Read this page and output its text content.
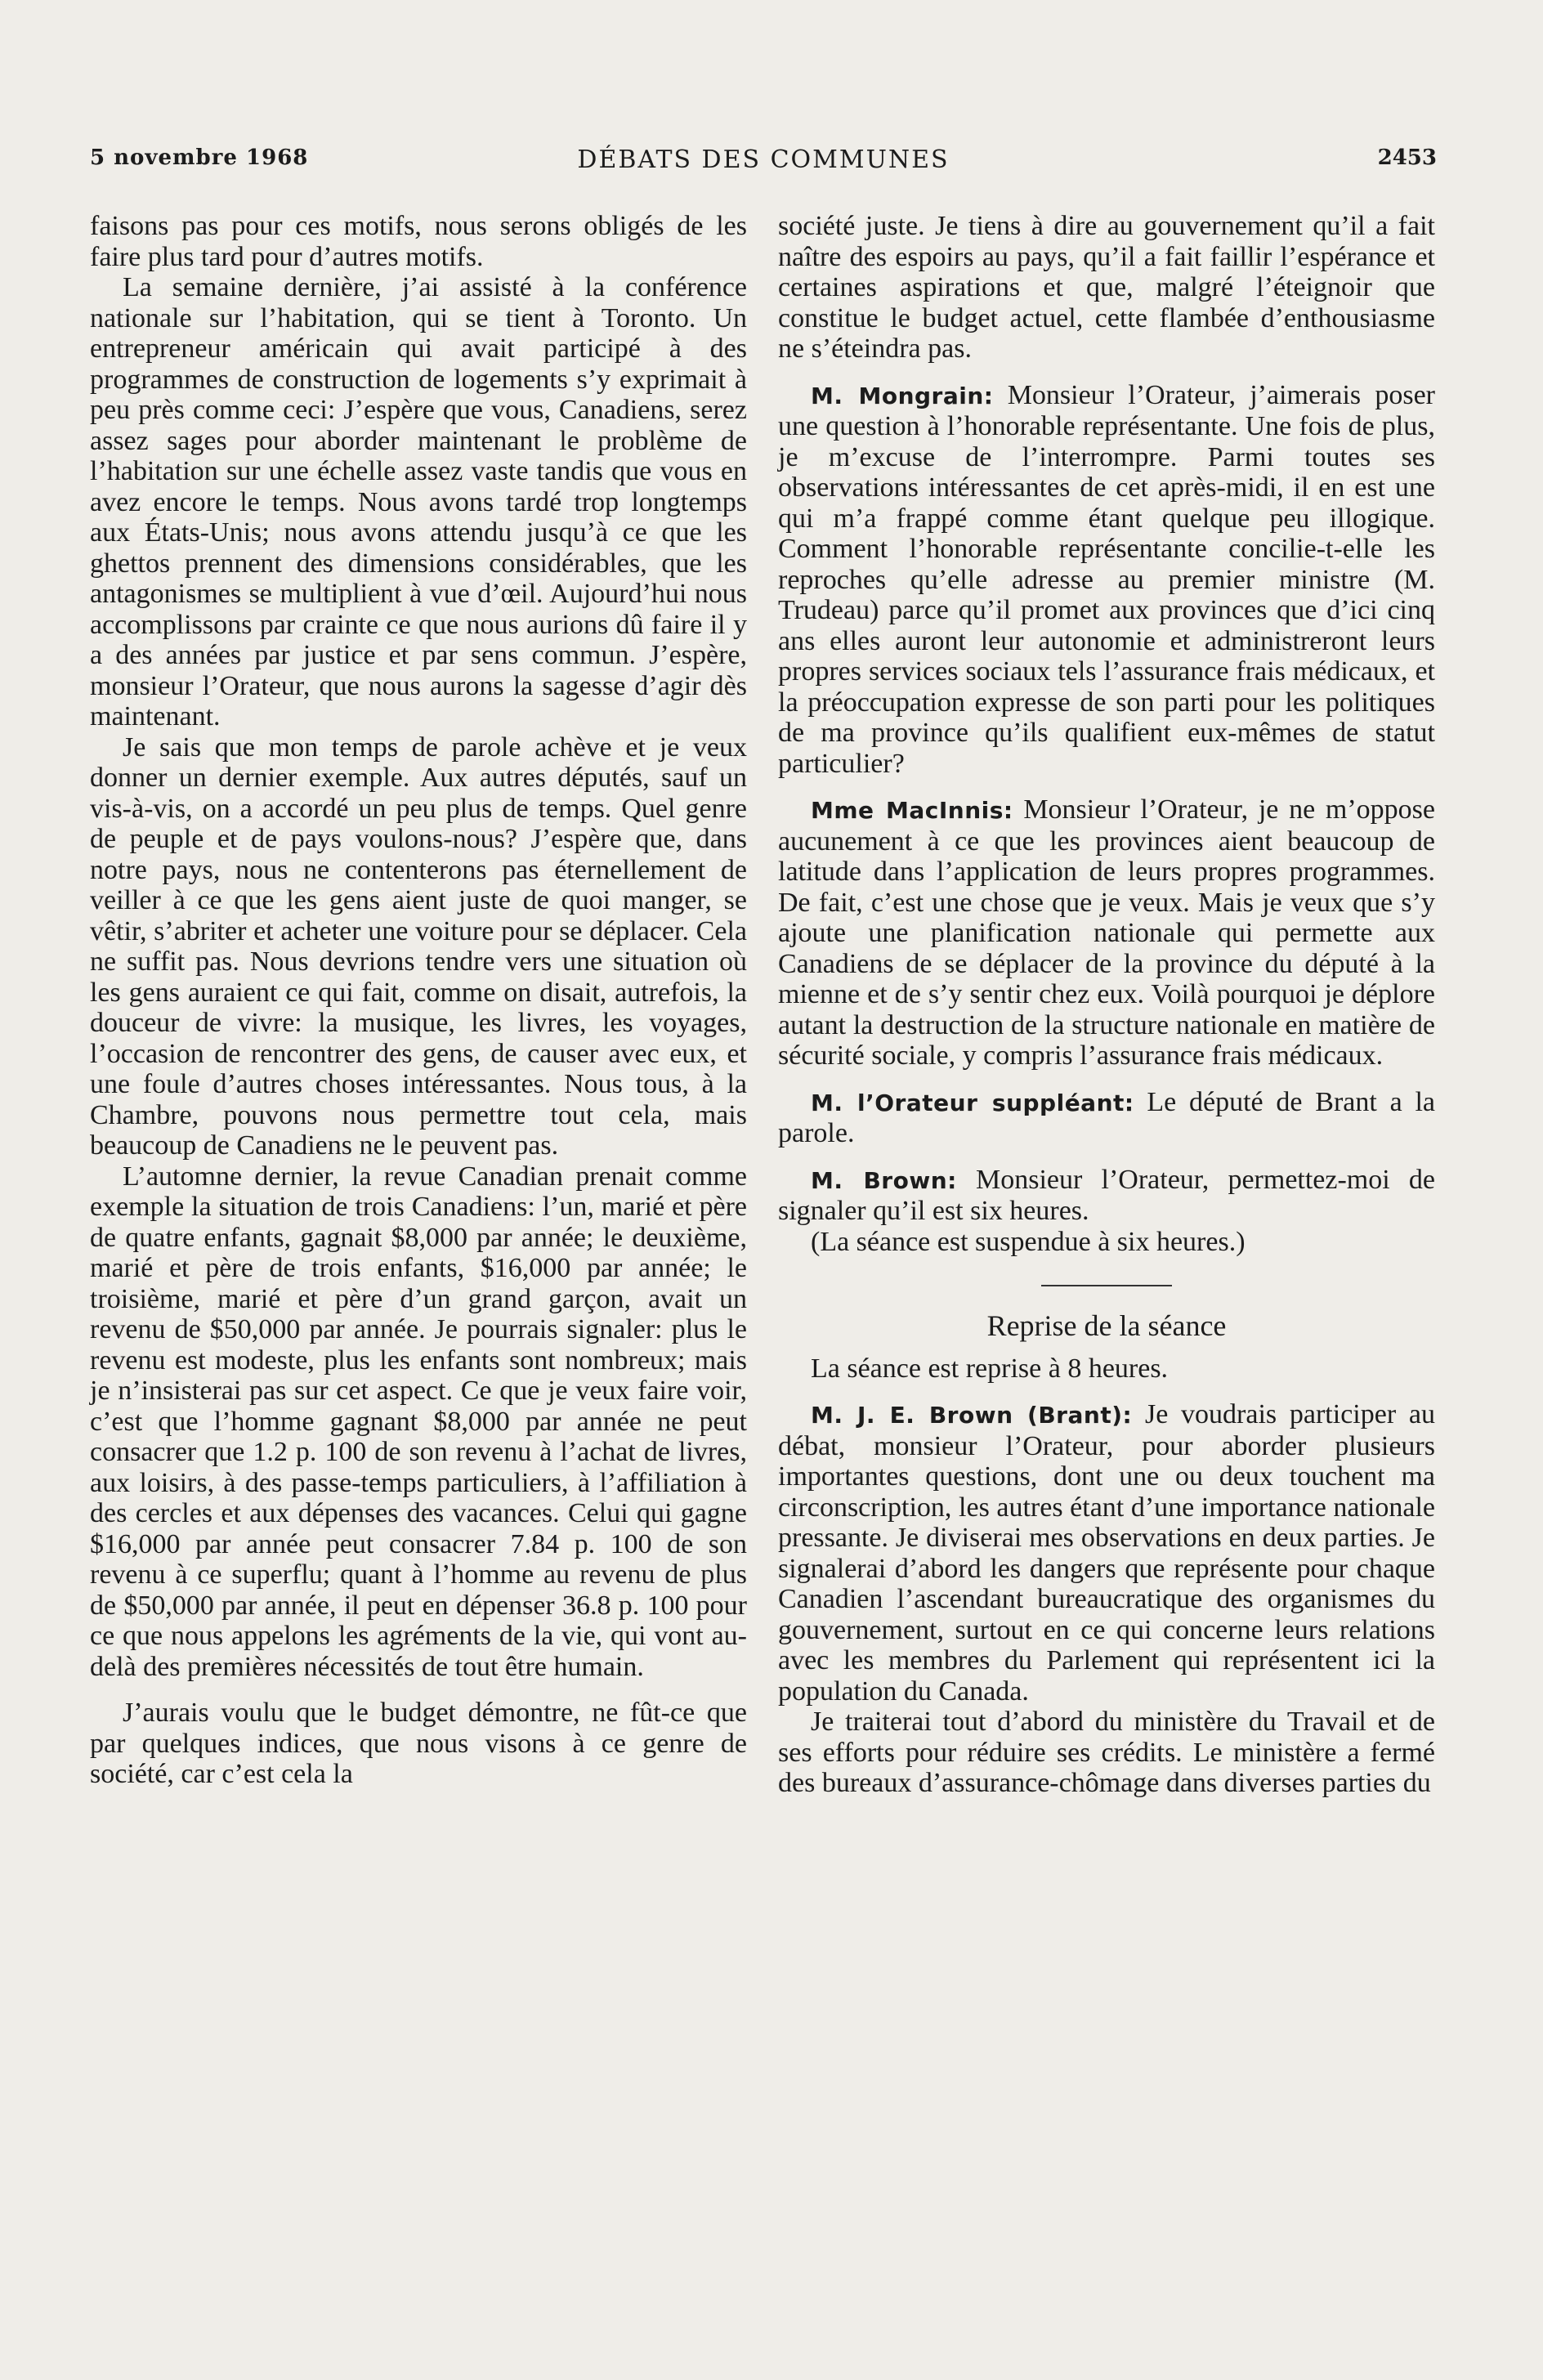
5 novembre 1968	DÉBATS DES COMMUNES	2453

faisons pas pour ces motifs, nous serons obligés de les faire plus tard pour d’autres motifs.

La semaine dernière, j’ai assisté à la conférence nationale sur l’habitation, qui se tient à Toronto. Un entrepreneur américain qui avait participé à des programmes de construction de logements s’y exprimait à peu près comme ceci: J’espère que vous, Canadiens, serez assez sages pour aborder maintenant le problème de l’habitation sur une échelle assez vaste tandis que vous en avez encore le temps. Nous avons tardé trop longtemps aux États-Unis; nous avons attendu jusqu’à ce que les ghettos prennent des dimensions considérables, que les antagonismes se multiplient à vue d’œil. Aujourd’hui nous accomplissons par crainte ce que nous aurions dû faire il y a des années par justice et par sens commun. J’espère, monsieur l’Orateur, que nous aurons la sagesse d’agir dès maintenant.

Je sais que mon temps de parole achève et je veux donner un dernier exemple. Aux autres députés, sauf un vis-à-vis, on a accordé un peu plus de temps. Quel genre de peuple et de pays voulons-nous? J’espère que, dans notre pays, nous ne contenterons pas éternellement de veiller à ce que les gens aient juste de quoi manger, se vêtir, s’abriter et acheter une voiture pour se déplacer. Cela ne suffit pas. Nous devrions tendre vers une situation où les gens auraient ce qui fait, comme on disait, autrefois, la douceur de vivre: la musique, les livres, les voyages, l’occasion de rencontrer des gens, de causer avec eux, et une foule d’autres choses intéressantes. Nous tous, à la Chambre, pouvons nous permettre tout cela, mais beaucoup de Canadiens ne le peuvent pas.

L’automne dernier, la revue Canadian prenait comme exemple la situation de trois Canadiens: l’un, marié et père de quatre enfants, gagnait $8,000 par année; le deuxième, marié et père de trois enfants, $16,000 par année; le troisième, marié et père d’un grand garçon, avait un revenu de $50,000 par année. Je pourrais signaler: plus le revenu est modeste, plus les enfants sont nombreux; mais je n’insisterai pas sur cet aspect. Ce que je veux faire voir, c’est que l’homme gagnant $8,000 par année ne peut consacrer que 1.2 p. 100 de son revenu à l’achat de livres, aux loisirs, à des passe-temps particuliers, à l’affiliation à des cercles et aux dépenses des vacances. Celui qui gagne $16,000 par année peut consacrer 7.84 p. 100 de son revenu à ce superflu; quant à l’homme au revenu de plus de $50,000 par année, il peut en dépenser 36.8 p. 100 pour ce que nous appelons les agréments de la vie, qui vont au-delà des premières nécessités de tout être humain.

J’aurais voulu que le budget démontre, ne fût-ce que par quelques indices, que nous visons à ce genre de société, car c’est cela la

société juste. Je tiens à dire au gouvernement qu’il a fait naître des espoirs au pays, qu’il a fait faillir l’espérance et certaines aspirations et que, malgré l’éteignoir que constitue le budget actuel, cette flambée d’enthousiasme ne s’éteindra pas.

M. Mongrain: Monsieur l’Orateur, j’aimerais poser une question à l’honorable représentante. Une fois de plus, je m’excuse de l’interrompre. Parmi toutes ses observations intéressantes de cet après-midi, il en est une qui m’a frappé comme étant quelque peu illogique. Comment l’honorable représentante concilie-t-elle les reproches qu’elle adresse au premier ministre (M. Trudeau) parce qu’il promet aux provinces que d’ici cinq ans elles auront leur autonomie et administreront leurs propres services sociaux tels l’assurance frais médicaux, et la préoccupation expresse de son parti pour les politiques de ma province qu’ils qualifient eux-mêmes de statut particulier?

Mme MacInnis: Monsieur l’Orateur, je ne m’oppose aucunement à ce que les provinces aient beaucoup de latitude dans l’application de leurs propres programmes. De fait, c’est une chose que je veux. Mais je veux que s’y ajoute une planification nationale qui permette aux Canadiens de se déplacer de la province du député à la mienne et de s’y sentir chez eux. Voilà pourquoi je déplore autant la destruction de la structure nationale en matière de sécurité sociale, y compris l’assurance frais médicaux.

M. l’Orateur suppléant: Le député de Brant a la parole.

M. Brown: Monsieur l’Orateur, permettez-moi de signaler qu’il est six heures.

(La séance est suspendue à six heures.)

Reprise de la séance

La séance est reprise à 8 heures.

M. J. E. Brown (Brant): Je voudrais participer au débat, monsieur l’Orateur, pour aborder plusieurs importantes questions, dont une ou deux touchent ma circonscription, les autres étant d’une importance nationale pressante. Je diviserai mes observations en deux parties. Je signalerai d’abord les dangers que représente pour chaque Canadien l’ascendant bureaucratique des organismes du gouvernement, surtout en ce qui concerne leurs relations avec les membres du Parlement qui représentent ici la population du Canada.

Je traiterai tout d’abord du ministère du Travail et de ses efforts pour réduire ses crédits. Le ministère a fermé des bureaux d’assurance-chômage dans diverses parties du
